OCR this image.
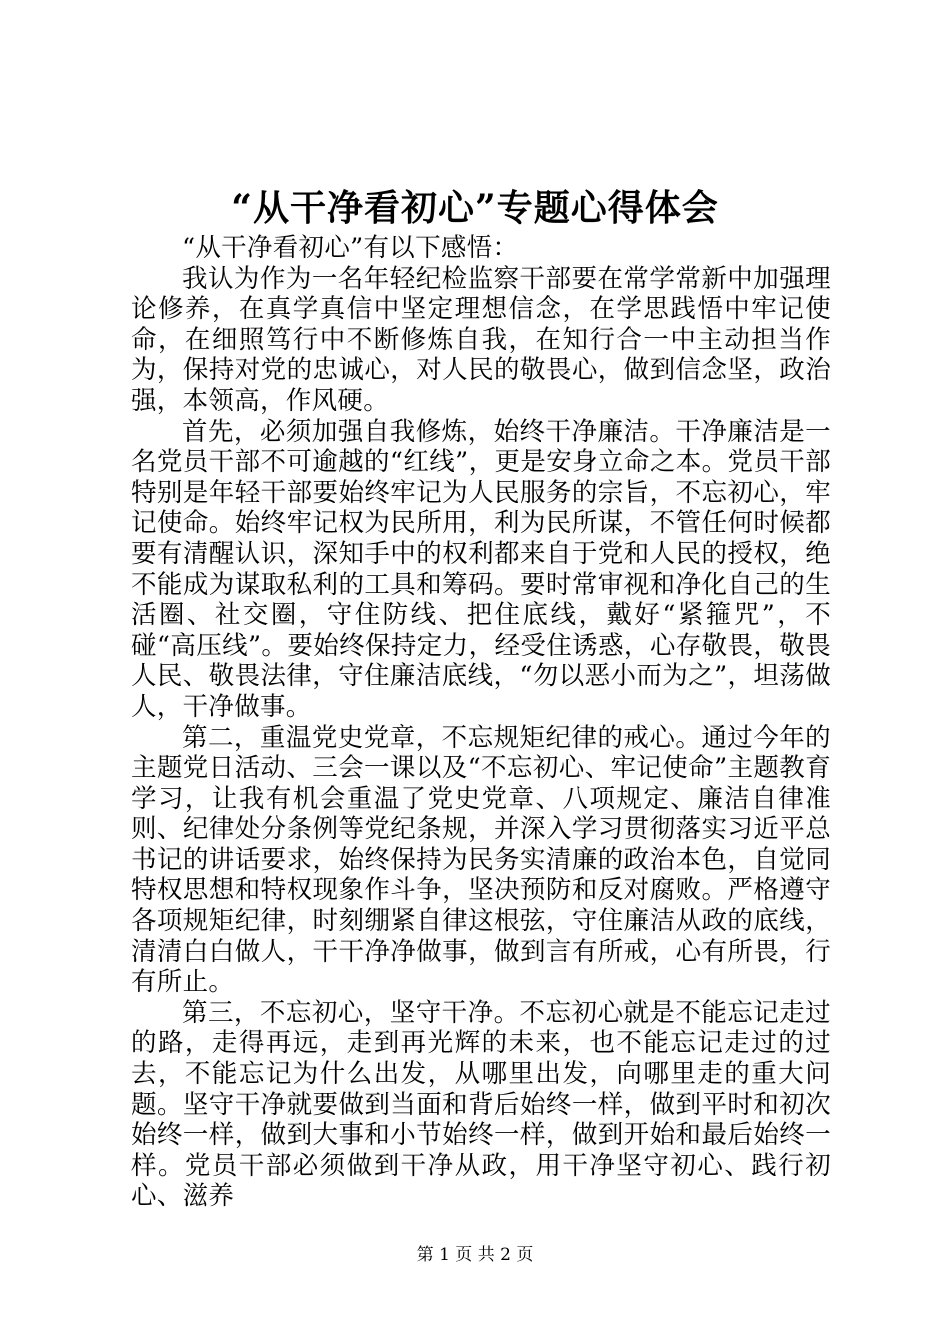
“从干净看初心”专题心得体会

“从干净看初心”有以下感悟：

我认为作为一名年轻纪检监察干部要在常学常新中加强理论修养，在真学真信中坚定理想信念，在学思践悟中牢记使命，在细照笃行中不断修炼自我，在知行合一中主动担当作为，保持对党的忠诚心，对人民的敬畏心，做到信念坚，政治强，本领高，作风硬。

首先，必须加强自我修炼，始终干净廉洁。干净廉洁是一名党员干部不可逾越的“红线”，更是安身立命之本。党员干部特别是年轻干部要始终牢记为人民服务的宗旨，不忘初心，牢记使命。始终牢记权为民所用，利为民所谋，不管任何时候都要有清醒认识，深知手中的权利都来自于党和人民的授权，绝不能成为谋取私利的工具和筹码。要时常审视和净化自己的生活圈、社交圈，守住防线、把住底线，戴好“紧箍咒”，不碰“高压线”。要始终保持定力，经受住诱惑，心存敬畏，敬畏人民、敬畏法律，守住廉洁底线，“勿以恶小而为之”，坦荡做人，干净做事。

第二，重温党史党章，不忘规矩纪律的戒心。通过今年的主题党日活动、三会一课以及“不忘初心、牢记使命”主题教育学习，让我有机会重温了党史党章、八项规定、廉洁自律准则、纪律处分条例等党纪条规，并深入学习贯彻落实习近平总书记的讲话要求，始终保持为民务实清廉的政治本色，自觉同特权思想和特权现象作斗争，坚决预防和反对腐败。严格遵守各项规矩纪律，时刻绷紧自律这根弦，守住廉洁从政的底线，清清白白做人，干干净净做事，做到言有所戒，心有所畏，行有所止。

第三，不忘初心，坚守干净。不忘初心就是不能忘记走过的路，走得再远，走到再光辉的未来，也不能忘记走过的过去，不能忘记为什么出发，从哪里出发，向哪里走的重大问题。坚守干净就要做到当面和背后始终一样，做到平时和初次始终一样，做到大事和小节始终一样，做到开始和最后始终一样。党员干部必须做到干净从政，用干净坚守初心、践行初心、滋养

第 1 页 共 2 页
